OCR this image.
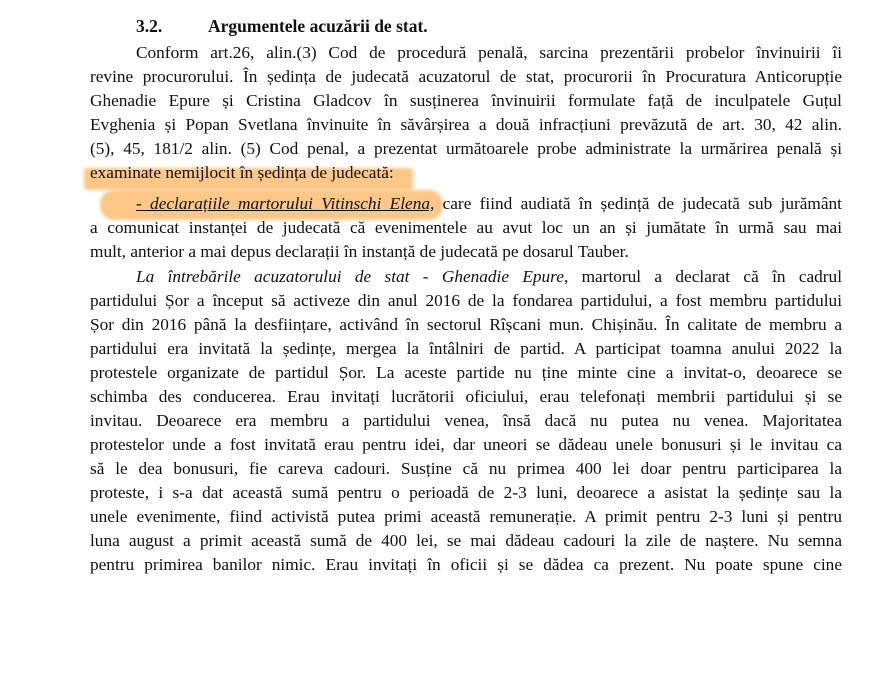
3.2.	Argumentele acuzării de stat.
Conform art.26, alin.(3) Cod de procedură penală, sarcina prezentării probelor învinuirii îi
revine procurorului. În ședința de judecată acuzatorul de stat, procurorii în Procuratura Anticorupție
Ghenadie Epure și Cristina Gladcov în susținerea învinuirii formulate față de inculpatele Guțul
Evghenia și Popan Svetlana învinuite în săvârșirea a două infracțiuni prevăzută de art. 30, 42 alin.
(5), 45, 181/2 alin. (5) Cod penal, a prezentat următoarele probe administrate la urmărirea penală și
examinate nemijlocit în ședința de judecată:
- declarațiile martorului Vitinschi Elena, care fiind audiată în ședință de judecată sub jurământ
a comunicat instanței de judecată că evenimentele au avut loc un an și jumătate în urmă sau mai
mult, anterior a mai depus declarații în instanță de judecată pe dosarul Tauber.
La întrebările acuzatorului de stat - Ghenadie Epure, martorul a declarat că în cadrul
partidului Șor a început să activeze din anul 2016 de la fondarea partidului, a fost membru partidului
Șor din 2016 până la desființare, activând în sectorul Rîșcani mun. Chișinău. În calitate de membru a
partidului era invitată la ședințe, mergea la întâlniri de partid. A participat toamna anului 2022 la
protestele organizate de partidul Șor. La aceste partide nu ține minte cine a invitat-o, deoarece se
schimba des conducerea. Erau invitați lucrătorii oficiului, erau telefonați membrii partidului și se
invitau. Deoarece era membru a partidului venea, însă dacă nu putea nu venea. Majoritatea
protestelor unde a fost invitată erau pentru idei, dar uneori se dădeau unele bonusuri și le invitau ca
să le dea bonusuri, fie careva cadouri. Susține că nu primea 400 lei doar pentru participarea la
proteste, i s-a dat această sumă pentru o perioadă de 2-3 luni, deoarece a asistat la ședințe sau la
unele evenimente, fiind activistă putea primi această remunerație. A primit pentru 2-3 luni și pentru
luna august a primit această sumă de 400 lei, se mai dădeau cadouri la zile de naștere. Nu semna
pentru primirea banilor nimic. Erau invitați în oficii și se dădea ca prezent. Nu poate spune cine
